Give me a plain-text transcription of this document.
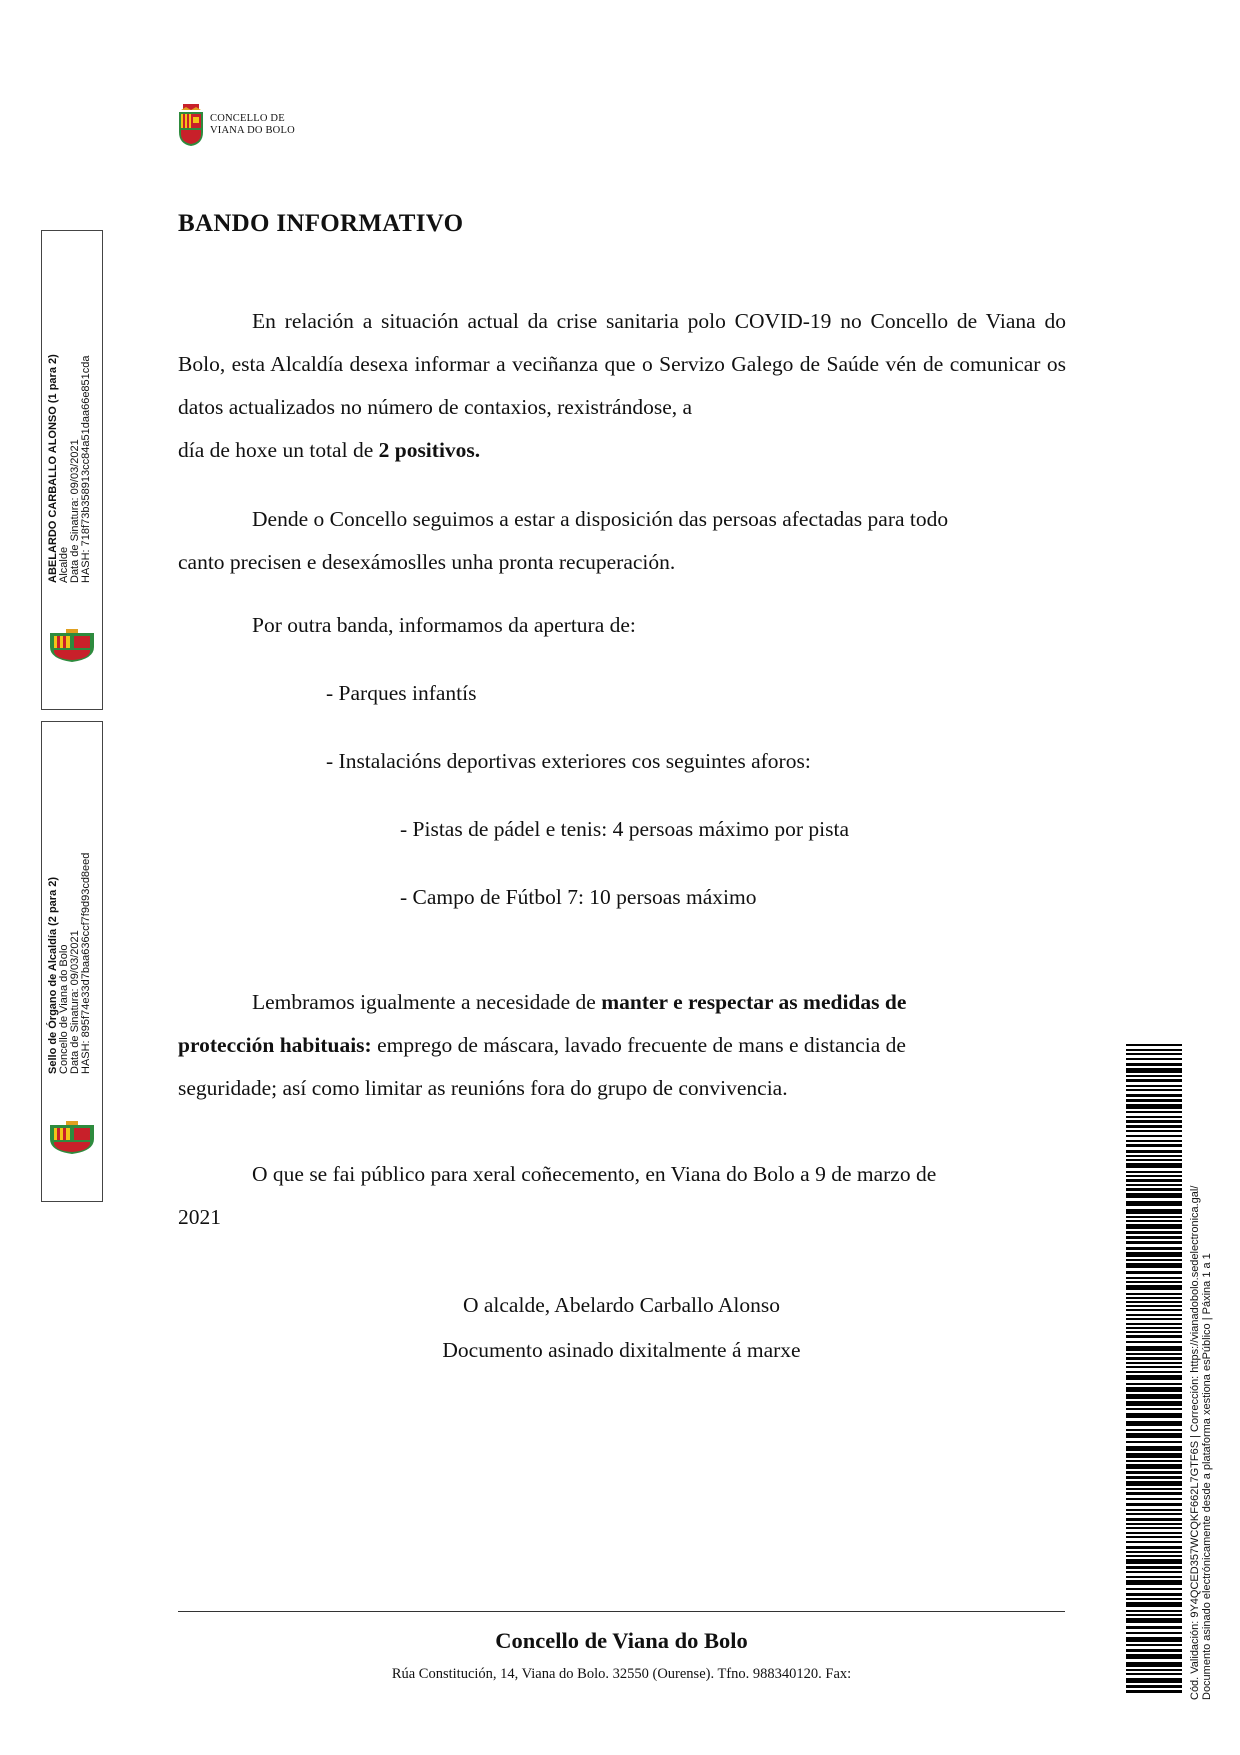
CONCELLO DE
VIANA DO BOLO
BANDO INFORMATIVO
En relación a situación actual da crise sanitaria polo COVID-19 no Concello de Viana do Bolo, esta Alcaldía desexa informar a veciñanza que o Servizo Galego de Saúde vén de comunicar os datos actualizados no número de contaxios, rexistrándose, a
día de hoxe un total de 2 positivos.
Dende o Concello seguimos a estar a disposición das persoas afectadas para todo
canto precisen e desexámoslles unha pronta recuperación.
Por outra banda, informamos da apertura de:
- Parques infantís
- Instalacións deportivas exteriores cos seguintes aforos:
- Pistas de pádel e tenis: 4 persoas máximo por pista
- Campo de Fútbol 7: 10 persoas máximo
Lembramos igualmente a necesidade de manter e respectar as medidas de
protección habituais: emprego de máscara, lavado frecuente de mans e distancia de
seguridade; así como limitar as reunións fora do grupo de convivencia.
O que se fai público para xeral coñecemento, en Viana do Bolo a 9 de marzo de
2021
O alcalde, Abelardo Carballo Alonso
Documento asinado dixitalmente á marxe
ABELARDO CARBALLO ALONSO (1 para 2) Alcalde Data de Sinatura: 09/03/2021 HASH: 718f73b358913cc84a51daa66e851cda
Sello de Órgano de Alcaldía (2 para 2) Concello de Viana do Bolo Data de Sinatura: 09/03/2021 HASH: 895f74e33d7baa636ccf7f9d93cd8eed
Cód. Validación: 9Y4QCED357WCQKF662L7GTF6S | Corrección: https://vianadobolo.sedelectronica.gal/ Documento asinado electrónicamente desde a plataforma xestiona esPúblico | Páxina 1 a 1
Concello de Viana do Bolo
Rúa Constitución, 14, Viana do Bolo. 32550 (Ourense). Tfno. 988340120. Fax:
